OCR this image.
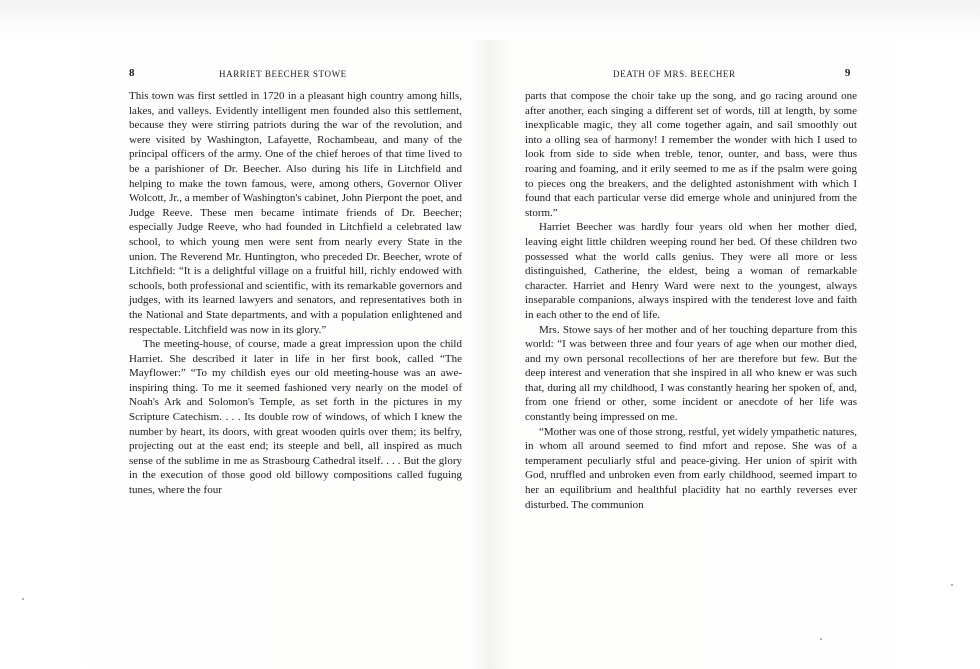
8	HARRIET BEECHER STOWE

This town was first settled in 1720 in a pleasant high country among hills, lakes, and valleys. Evidently intelligent men founded also this settlement, because they were stirring patriots during the war of the revolution, and were visited by Washington, Lafayette, Rochambeau, and many of the principal officers of the army. One of the chief heroes of that time lived to be a parishioner of Dr. Beecher. Also during his life in Litchfield and helping to make the town famous, were, among others, Governor Oliver Wolcott, Jr., a member of Washington's cabinet, John Pierpont the poet, and Judge Reeve. These men became intimate friends of Dr. Beecher; especially Judge Reeve, who had founded in Litchfield a celebrated law school, to which young men were sent from nearly every State in the union. The Reverend Mr. Huntington, who preceded Dr. Beecher, wrote of Litchfield: “It is a delightful village on a fruitful hill, richly endowed with schools, both professional and scientific, with its remarkable governors and judges, with its learned lawyers and senators, and representatives both in the National and State departments, and with a population enlightened and respectable. Litchfield was now in its glory.”

The meeting-house, of course, made a great impression upon the child Harriet. She described it later in life in her first book, called “The Mayflower:” “To my childish eyes our old meeting-house was an awe-inspiring thing. To me it seemed fashioned very nearly on the model of Noah's Ark and Solomon's Temple, as set forth in the pictures in my Scripture Catechism. . . . Its double row of windows, of which I knew the number by heart, its doors, with great wooden quirls over them; its belfry, projecting out at the east end; its steeple and bell, all inspired as much sense of the sublime in me as Strasbourg Cathedral itself. . . . But the glory in the execution of those good old billowy compositions called fuguing tunes, where the four

DEATH OF MRS. BEECHER	9

parts that compose the choir take up the song, and go racing around one after another, each singing a different set of words, till at length, by some inexplicable magic, they all come together again, and sail smoothly out into a olling sea of harmony! I remember the wonder with hich I used to look from side to side when treble, tenor, ounter, and bass, were thus roaring and foaming, and it erily seemed to me as if the psalm were going to pieces ong the breakers, and the delighted astonishment with which I found that each particular verse did emerge whole and uninjured from the storm.”

Harriet Beecher was hardly four years old when her mother died, leaving eight little children weeping round her bed. Of these children two possessed what the world calls genius. They were all more or less distinguished, Catherine, the eldest, being a woman of remarkable character. Harriet and Henry Ward were next to the youngest, always inseparable companions, always inspired with the tenderest love and faith in each other to the end of life.

Mrs. Stowe says of her mother and of her touching departure from this world: “I was between three and four years of age when our mother died, and my own personal recollections of her are therefore but few. But the deep interest and veneration that she inspired in all who knew er was such that, during all my childhood, I was constantly hearing her spoken of, and, from one friend or other, some incident or anecdote of her life was constantly being impressed on me.

“Mother was one of those strong, restful, yet widely ympathetic natures, in whom all around seemed to find mfort and repose. She was of a temperament peculiarly stful and peace-giving. Her union of spirit with God, nruffled and unbroken even from early childhood, seemed impart to her an equilibrium and healthful placidity hat no earthly reverses ever disturbed. The communion
